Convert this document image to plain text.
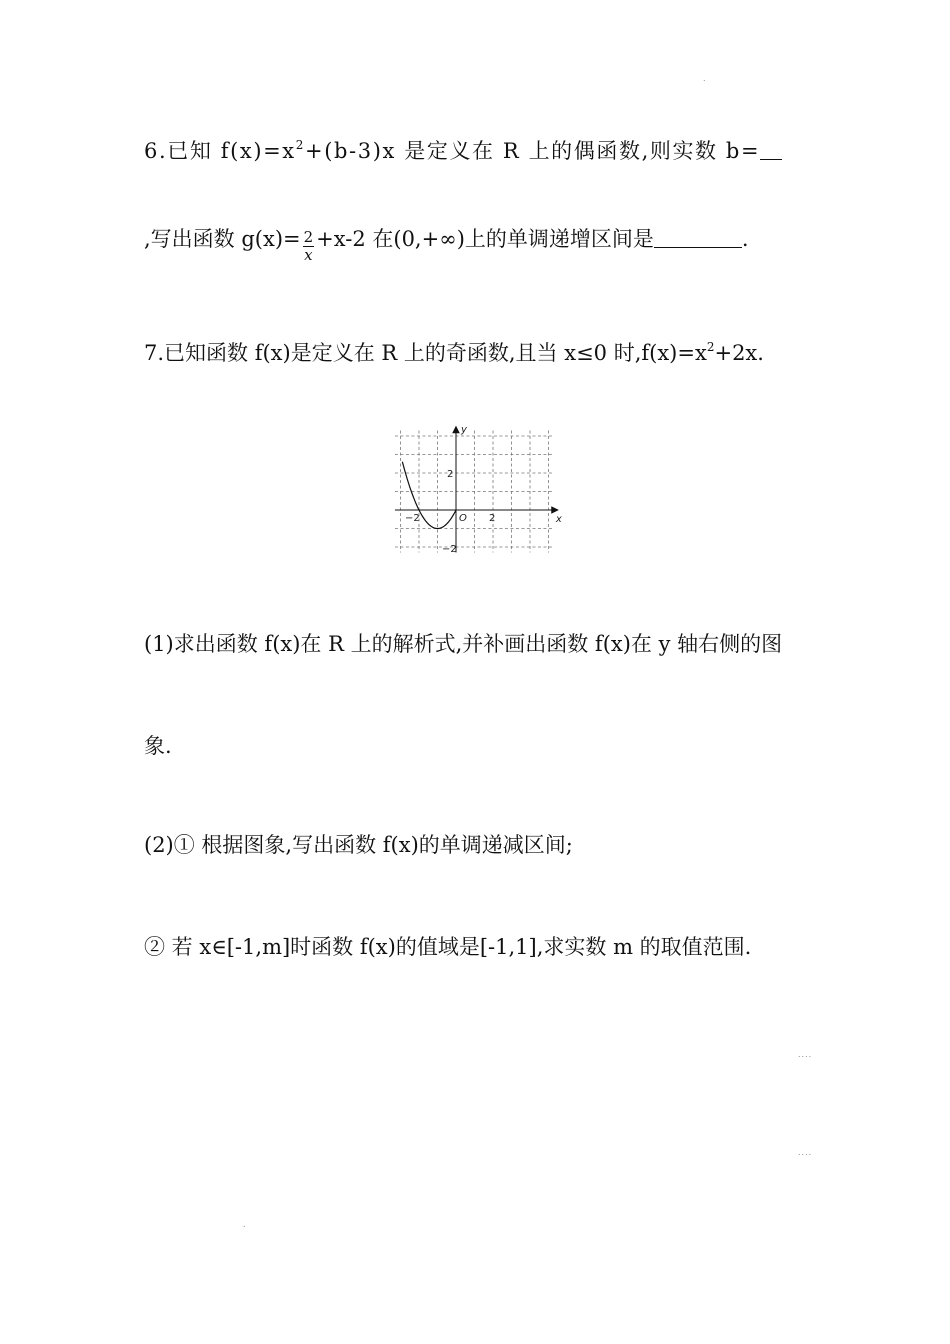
.
6.已知 $f(x)=x^2+(b-3)x$ 是定义在 R 上的偶函数,则实数 b=
,写出函数 $g(x)= \frac{2}{x} +x-2$ 在(0,+∞)上的单调递增区间是	.
7.已知函数 f(x)是定义在 R 上的奇函数,且当 x≤0 时$,f(x)=x^2+2x$.
y
x
O 2
−2
2
−2
(1)求出函数 f(x)在 R 上的解析式,并补画出函数 f(x)在 y 轴右侧的图
象.
(2)① 根据图象,写出函数 f(x)的单调递减区间;
② 若 x∈[-1,m]时函数 f(x)的值域是[-1,1],求实数 m 的取值范围.
....
....
.
